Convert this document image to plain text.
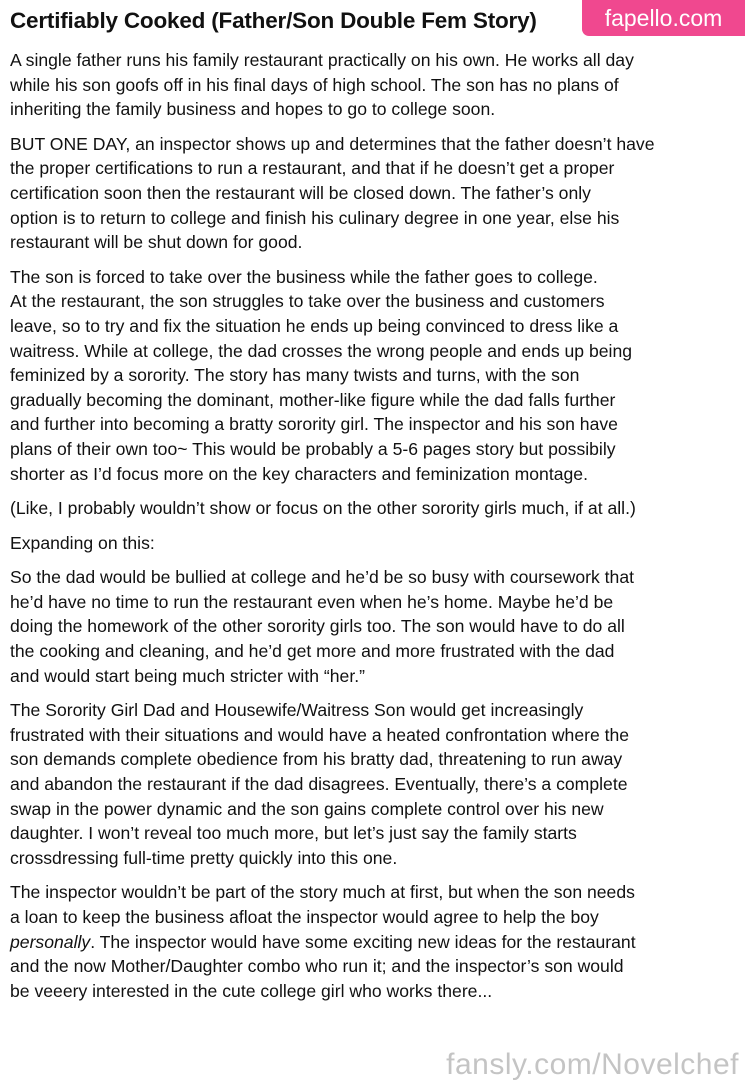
Certifiably Cooked (Father/Son Double Fem Story)	fapello.com

A single father runs his family restaurant practically on his own. He works all day
while his son goofs off in his final days of high school. The son has no plans of
inheriting the family business and hopes to go to college soon.

BUT ONE DAY, an inspector shows up and determines that the father doesn’t have
the proper certifications to run a restaurant, and that if he doesn’t get a proper
certification soon then the restaurant will be closed down. The father’s only
option is to return to college and finish his culinary degree in one year, else his
restaurant will be shut down for good.

The son is forced to take over the business while the father goes to college.
At the restaurant, the son struggles to take over the business and customers
leave, so to try and fix the situation he ends up being convinced to dress like a
waitress. While at college, the dad crosses the wrong people and ends up being
feminized by a sorority. The story has many twists and turns, with the son
gradually becoming the dominant, mother-like figure while the dad falls further
and further into becoming a bratty sorority girl. The inspector and his son have
plans of their own too~ This would be probably a 5-6 pages story but possibily
shorter as I’d focus more on the key characters and feminization montage.

(Like, I probably wouldn’t show or focus on the other sorority girls much, if at all.)

Expanding on this:

So the dad would be bullied at college and he’d be so busy with coursework that
he’d have no time to run the restaurant even when he’s home. Maybe he’d be
doing the homework of the other sorority girls too. The son would have to do all
the cooking and cleaning, and he’d get more and more frustrated with the dad
and would start being much stricter with “her.”

The Sorority Girl Dad and Housewife/Waitress Son would get increasingly
frustrated with their situations and would have a heated confrontation where the
son demands complete obedience from his bratty dad, threatening to run away
and abandon the restaurant if the dad disagrees. Eventually, there’s a complete
swap in the power dynamic and the son gains complete control over his new
daughter. I won’t reveal too much more, but let’s just say the family starts
crossdressing full-time pretty quickly into this one.

The inspector wouldn’t be part of the story much at first, but when the son needs
a loan to keep the business afloat the inspector would agree to help the boy
personally. The inspector would have some exciting new ideas for the restaurant
and the now Mother/Daughter combo who run it; and the inspector’s son would
be veeery interested in the cute college girl who works there...

fansly.com/Novelchef
